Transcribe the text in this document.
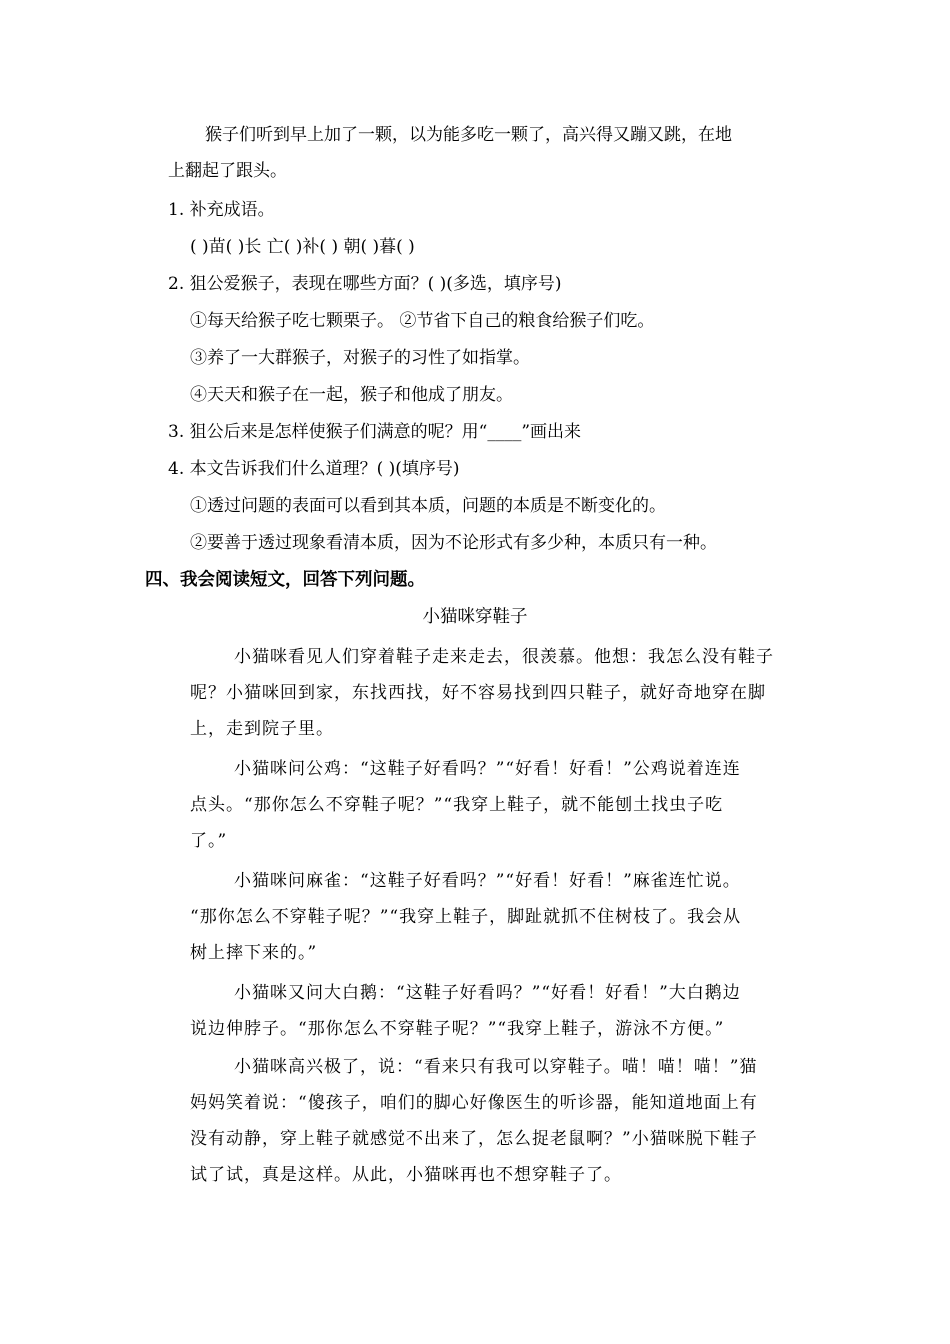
猴子们听到早上加了一颗，以为能多吃一颗了，高兴得又蹦又跳，在地
上翻起了跟头。
1. 补充成语。
( )苗( )长 亡( )补( ) 朝( )暮( )
2. 狙公爱猴子，表现在哪些方面？( )(多选，填序号)
①每天给猴子吃七颗栗子。 ②节省下自己的粮食给猴子们吃。
③养了一大群猴子，对猴子的习性了如指掌。
④天天和猴子在一起，猴子和他成了朋友。
3. 狙公后来是怎样使猴子们满意的呢？用“____”画出来
4. 本文告诉我们什么道理？( )(填序号)
①透过问题的表面可以看到其本质，问题的本质是不断变化的。
②要善于透过现象看清本质，因为不论形式有多少种，本质只有一种。
四、我会阅读短文，回答下列问题。
小猫咪穿鞋子
小猫咪看见人们穿着鞋子走来走去，很羡慕。他想：我怎么没有鞋子
呢？小猫咪回到家，东找西找，好不容易找到四只鞋子，就好奇地穿在脚
上，走到院子里。
小猫咪问公鸡：“这鞋子好看吗？”“好看！好看！”公鸡说着连连
点头。“那你怎么不穿鞋子呢？”“我穿上鞋子，就不能刨土找虫子吃
了。”
小猫咪问麻雀：“这鞋子好看吗？”“好看！好看！”麻雀连忙说。
“那你怎么不穿鞋子呢？”“我穿上鞋子，脚趾就抓不住树枝了。我会从
树上摔下来的。”
小猫咪又问大白鹅：“这鞋子好看吗？”“好看！好看！”大白鹅边
说边伸脖子。“那你怎么不穿鞋子呢？”“我穿上鞋子，游泳不方便。”
小猫咪高兴极了，说：“看来只有我可以穿鞋子。喵！喵！喵！”猫
妈妈笑着说：“傻孩子，咱们的脚心好像医生的听诊器，能知道地面上有
没有动静，穿上鞋子就感觉不出来了，怎么捉老鼠啊？”小猫咪脱下鞋子
试了试，真是这样。从此，小猫咪再也不想穿鞋子了。
